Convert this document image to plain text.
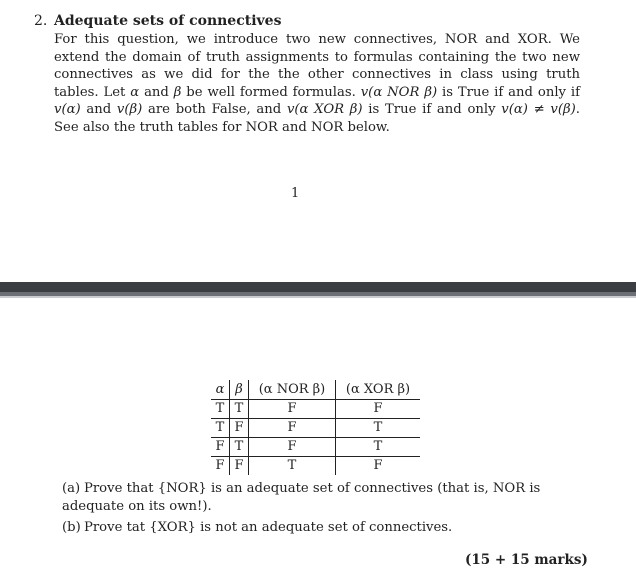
2. Adequate sets of connectives
For this question, we introduce two new connectives, NOR and XOR. We extend the domain of truth assignments to formulas containing the two new connectives as we did for the the other connectives in class using truth tables. Let α and β be well formed formulas. v(α NOR β) is True if and only if v(α) and v(β) are both False, and v(α XOR β) is True if and only v(α) ≠ v(β). See also the truth tables for NOR and NOR below.
1
α	β	(α NOR β)	(α XOR β)
T	T	F	F
T	F	F	T
F	T	F	T
F	F	T	F
(a) Prove that {NOR} is an adequate set of connectives (that is, NOR is adequate on its own!).
(b) Prove tat {XOR} is not an adequate set of connectives.
(15 + 15 marks)
